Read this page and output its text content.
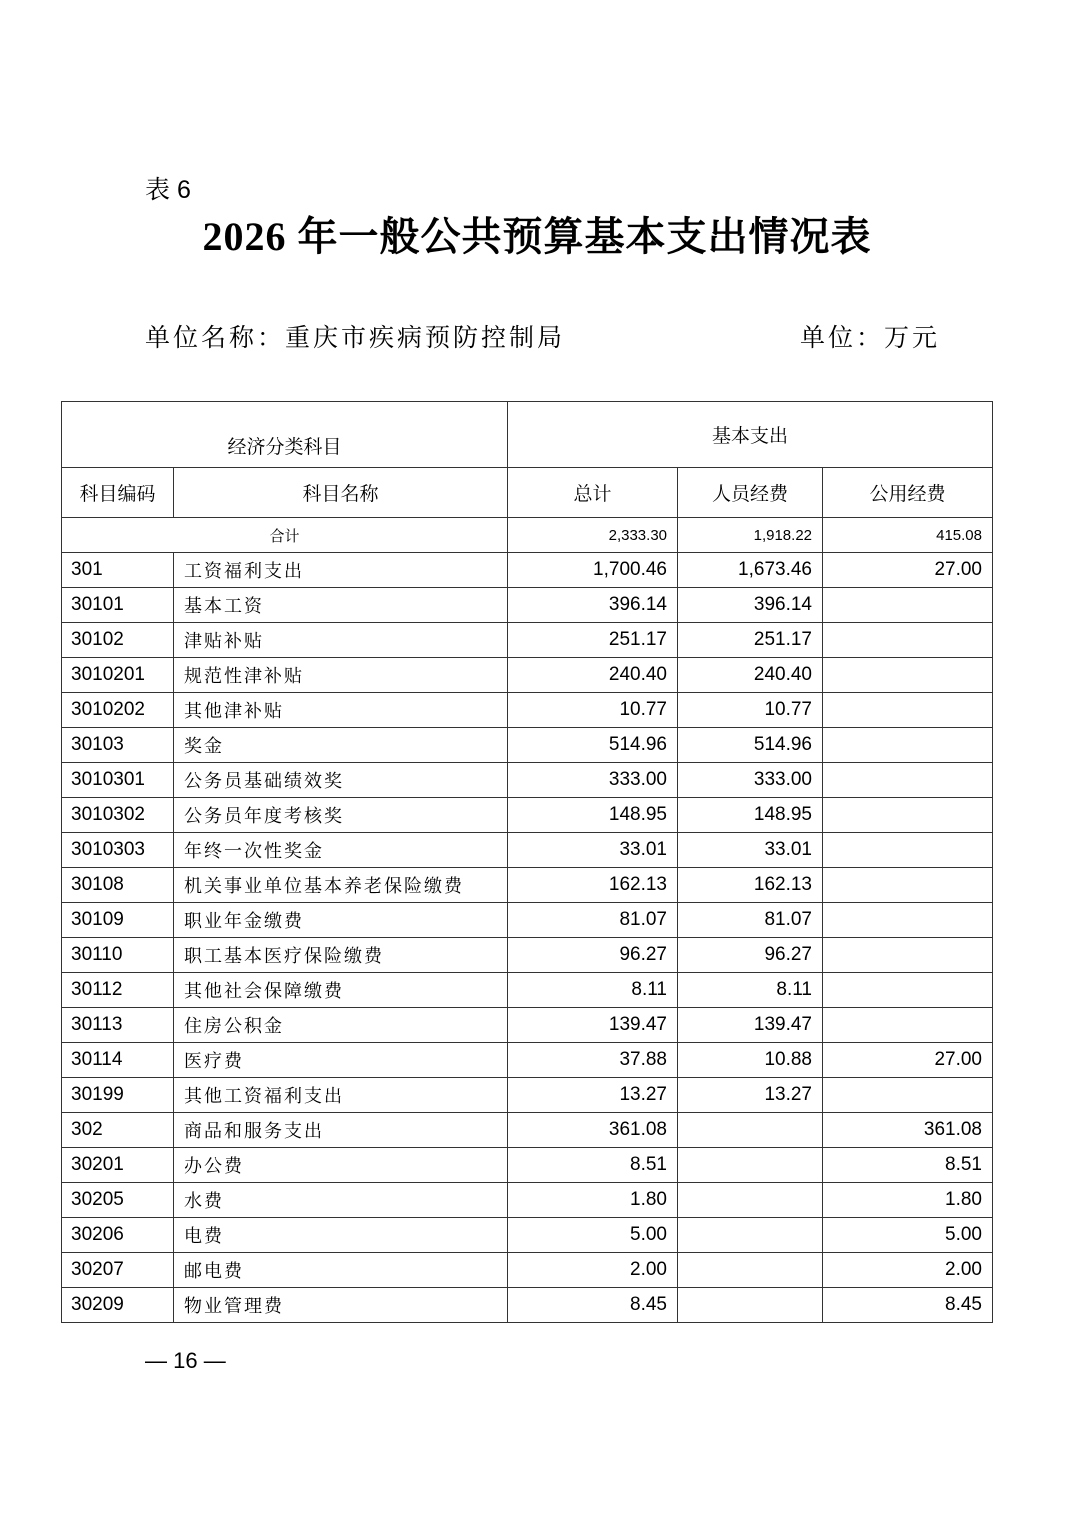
表 6
2026 年一般公共预算基本支出情况表
单位名称：重庆市疾病预防控制局	单位：万元
经济分类科目		基本支出		
科目编码	科目名称	总计	人员经费	公用经费
合计		2,333.30	1,918.22	415.08
301	工资福利支出	1,700.46	1,673.46	27.00
30101	基本工资	396.14	396.14	
30102	津贴补贴	251.17	251.17	
3010201	规范性津补贴	240.40	240.40	
3010202	其他津补贴	10.77	10.77	
30103	奖金	514.96	514.96	
3010301	公务员基础绩效奖	333.00	333.00	
3010302	公务员年度考核奖	148.95	148.95	
3010303	年终一次性奖金	33.01	33.01	
30108	机关事业单位基本养老保险缴费	162.13	162.13	
30109	职业年金缴费	81.07	81.07	
30110	职工基本医疗保险缴费	96.27	96.27	
30112	其他社会保障缴费	8.11	8.11	
30113	住房公积金	139.47	139.47	
30114	医疗费	37.88	10.88	27.00
30199	其他工资福利支出	13.27	13.27	
302	商品和服务支出	361.08		361.08
30201	办公费	8.51		8.51
30205	水费	1.80		1.80
30206	电费	5.00		5.00
30207	邮电费	2.00		2.00
30209	物业管理费	8.45		8.45
— 16 —
